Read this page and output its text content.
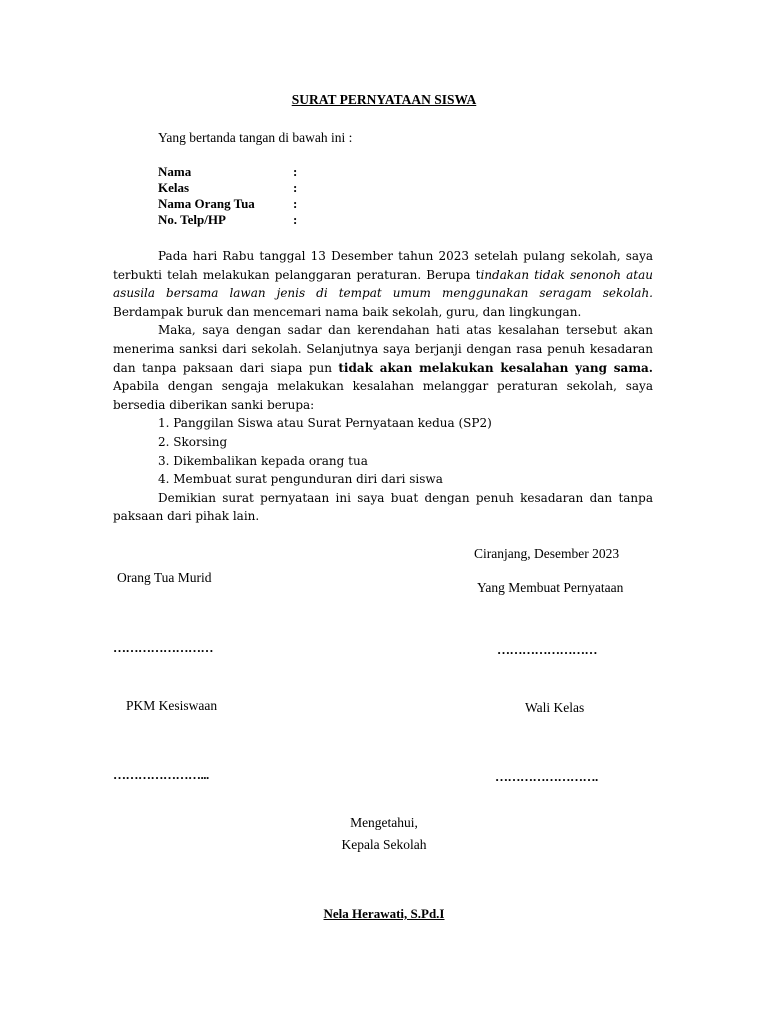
SURAT PERNYATAAN SISWA
Yang bertanda tangan di bawah ini :
Nama	:
Kelas	:
Nama Orang Tua	:
No. Telp/HP	:

Pada hari Rabu tanggal 13 Desember tahun 2023 setelah pulang sekolah, saya terbukti telah melakukan pelanggaran peraturan. Berupa tindakan tidak senonoh atau asusila bersama lawan jenis di tempat umum menggunakan seragam sekolah. Berdampak buruk dan mencemari nama baik sekolah, guru, dan lingkungan.

Maka, saya dengan sadar dan kerendahan hati atas kesalahan tersebut akan menerima sanksi dari sekolah. Selanjutnya saya berjanji dengan rasa penuh kesadaran dan tanpa paksaan dari siapa pun tidak akan melakukan kesalahan yang sama. Apabila dengan sengaja melakukan kesalahan melanggar peraturan sekolah, saya bersedia diberikan sanki berupa:

1. Panggilan Siswa atau Surat Pernyataan kedua (SP2)

2. Skorsing

3. Dikembalikan kepada orang tua

4. Membuat surat pengunduran diri dari siswa

Demikian surat pernyataan ini saya buat dengan penuh kesadaran dan tanpa paksaan dari pihak lain.

Ciranjang, Desember 2023
Orang Tua Murid
Yang Membuat Pernyataan
……………………	……………………
PKM Kesiswaan	Wali Kelas
…………………...	…………………….
Mengetahui,
Kepala Sekolah
Nela Herawati, S.Pd.I
